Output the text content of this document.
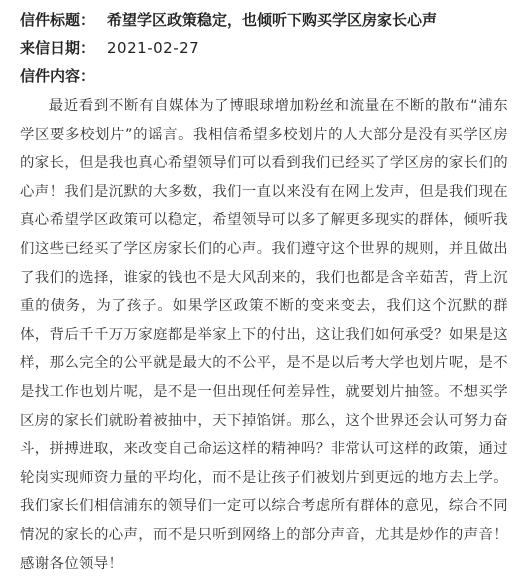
信件标题： 希望学区政策稳定，也倾听下购买学区房家长心声
来信日期： 2021-02-27
信件内容：

最近看到不断有自媒体为了博眼球增加粉丝和流量在不断的散布“浦东学区要多校划片”的谣言。我相信希望多校划片的人大部分是没有买学区房的家长，但是我也真心希望领导们可以看到我们已经买了学区房的家长们的心声！我们是沉默的大多数，我们一直以来没有在网上发声，但是我们现在真心希望学区政策可以稳定，希望领导可以多了解更多现实的群体，倾听我们这些已经买了学区房家长们的心声。我们遵守这个世界的规则，并且做出了我们的选择，谁家的钱也不是大风刮来的，我们也都是含辛茹苦，背上沉重的债务，为了孩子。如果学区政策不断的变来变去，我们这个沉默的群体，背后千千万万家庭都是举家上下的付出，这让我们如何承受？如果是这样，那么完全的公平就是最大的不公平，是不是以后考大学也划片呢，是不是找工作也划片呢，是不是一但出现任何差异性，就要划片抽签。不想买学区房的家长们就盼着被抽中，天下掉馅饼。那么，这个世界还会认可努力奋斗，拼搏进取，来改变自己命运这样的精神吗？非常认可这样的政策，通过轮岗实现师资力量的平均化，而不是让孩子们被划片到更远的地方去上学。我们家长们相信浦东的领导们一定可以综合考虑所有群体的意见，综合不同情况的家长的心声，而不是只听到网络上的部分声音，尤其是炒作的声音！感谢各位领导！
